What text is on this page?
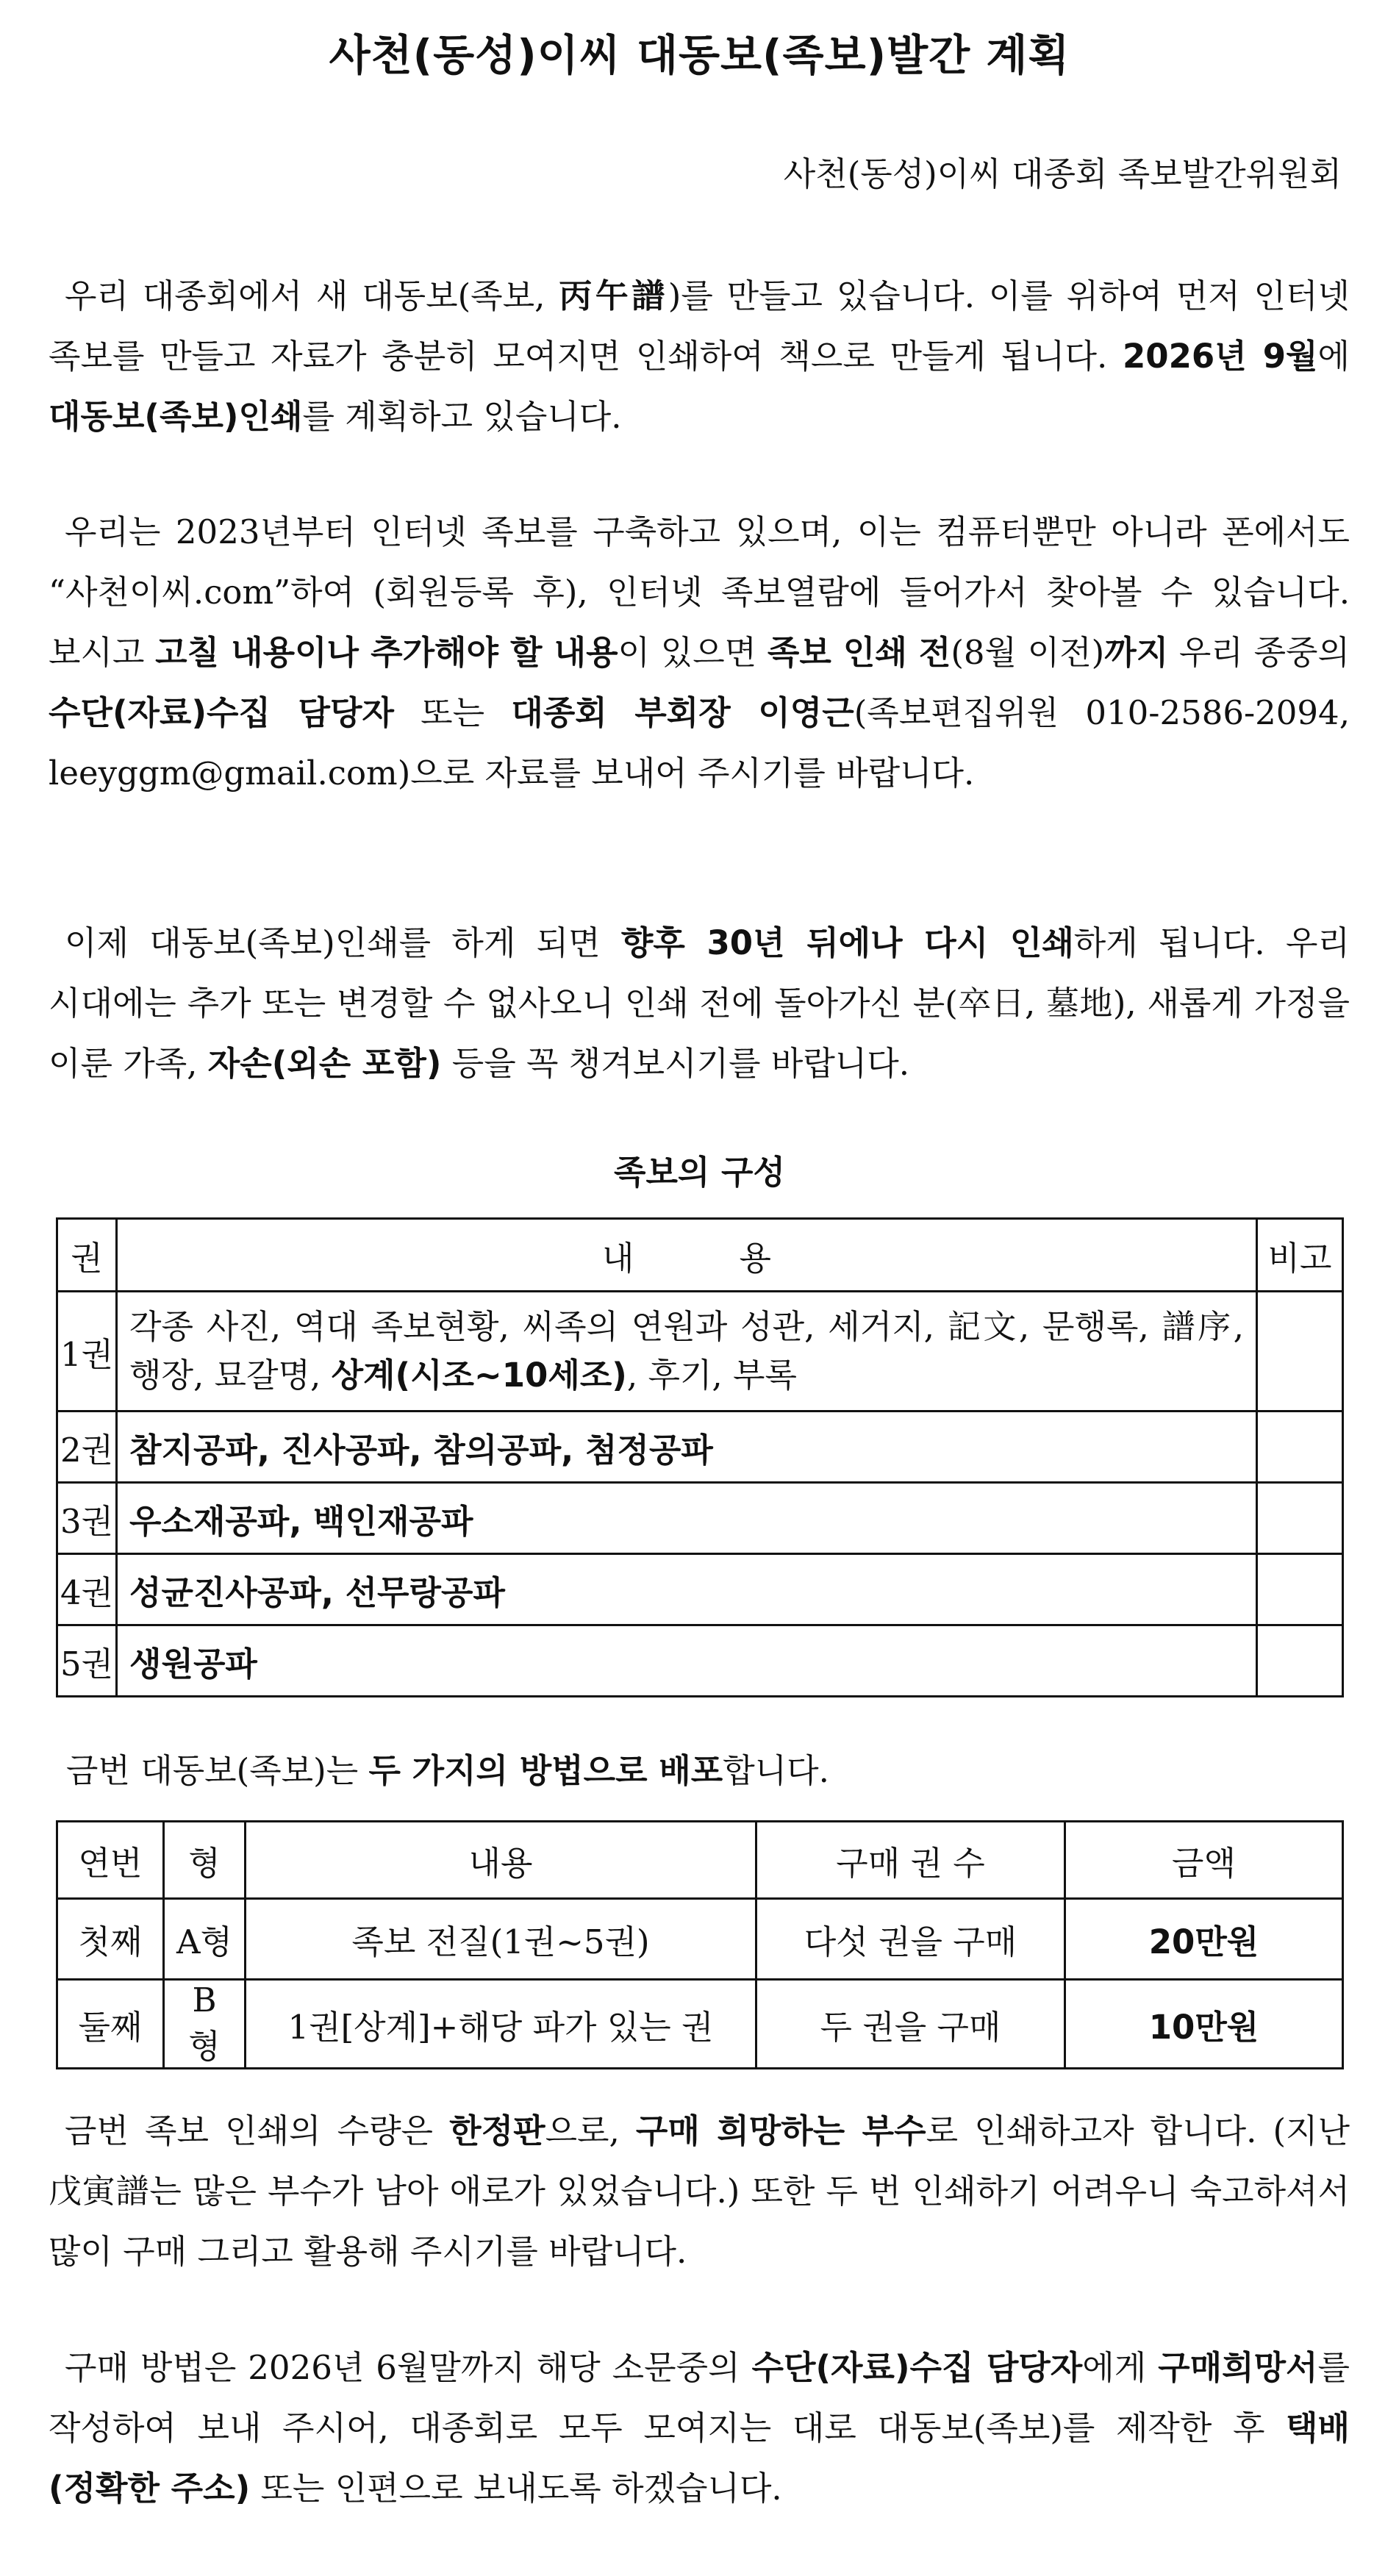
사천(동성)이씨 대동보(족보)발간 계획
사천(동성)이씨 대종회 족보발간위원회

우리 대종회에서 새 대동보(족보, 丙午譜)를 만들고 있습니다. 이를 위하여 먼저 인터넷 족보를 만들고 자료가 충분히 모여지면 인쇄하여 책으로 만들게 됩니다. 2026년 9월에 대동보(족보)인쇄를 계획하고 있습니다.

우리는 2023년부터 인터넷 족보를 구축하고 있으며, 이는 컴퓨터뿐만 아니라 폰에서도 “사천이씨.com”하여 (회원등록 후), 인터넷 족보열람에 들어가서 찾아볼 수 있습니다. 보시고 고칠 내용이나 추가해야 할 내용이 있으면 족보 인쇄 전(8월 이전)까지 우리 종중의 수단(자료)수집 담당자 또는 대종회 부회장 이영근(족보편집위원 010-2586-2094, leeyggm@gmail.com)으로 자료를 보내어 주시기를 바랍니다.

이제 대동보(족보)인쇄를 하게 되면 향후 30년 뒤에나 다시 인쇄하게 됩니다. 우리 시대에는 추가 또는 변경할 수 없사오니 인쇄 전에 돌아가신 분(卒日, 墓地), 새롭게 가정을 이룬 가족, 자손(외손 포함) 등을 꼭 챙겨보시기를 바랍니다.

족보의 구성
권	내          용	비고
1권	각종 사진, 역대 족보현황, 씨족의 연원과 성관, 세거지, 記文, 문행록, 譜序, 행장, 묘갈명, 상계(시조~10세조), 후기, 부록	
2권	참지공파, 진사공파, 참의공파, 첨정공파	
3권	우소재공파, 백인재공파	
4권	성균진사공파, 선무랑공파	
5권	생원공파	
금번 대동보(족보)는 두 가지의 방법으로 배포합니다.
연번	형	내용	구매 권 수	금액
첫째	A형	족보 전질(1권~5권)	다섯 권을 구매	20만원
둘째	B형	1권[상계]+해당 파가 있는 권	두 권을 구매	10만원

금번 족보 인쇄의 수량은 한정판으로, 구매 희망하는 부수로 인쇄하고자 합니다. (지난 戊寅譜는 많은 부수가 남아 애로가 있었습니다.) 또한 두 번 인쇄하기 어려우니 숙고하셔서 많이 구매 그리고 활용해 주시기를 바랍니다.

구매 방법은 2026년 6월말까지 해당 소문중의 수단(자료)수집 담당자에게 구매희망서를 작성하여 보내 주시어, 대종회로 모두 모여지는 대로 대동보(족보)를 제작한 후 택배(정확한 주소) 또는 인편으로 보내도록 하겠습니다.
